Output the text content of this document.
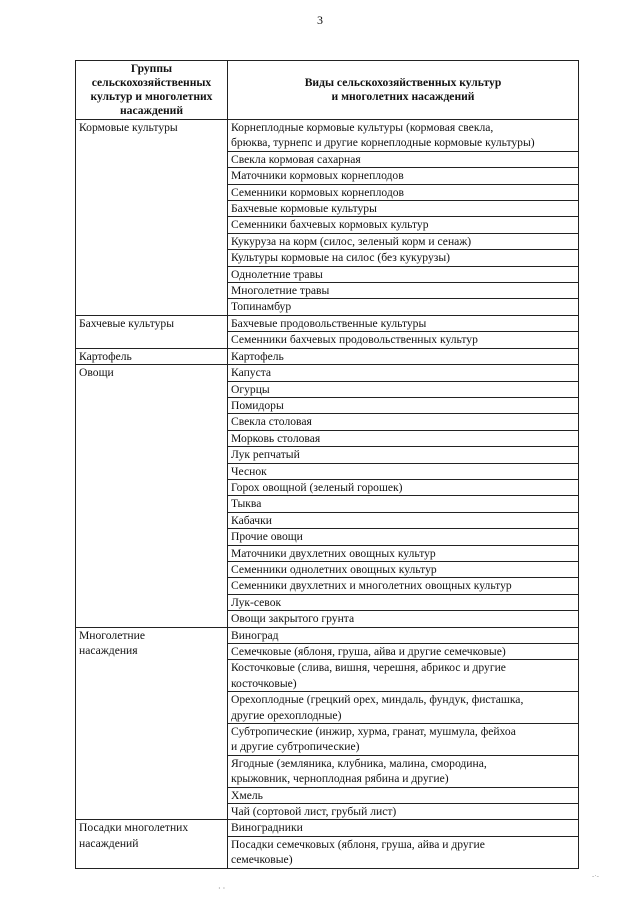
3
Группы
сельскохозяйственных
культур и многолетних
насаждений	Виды сельскохозяйственных культур
и многолетних насаждений

Кормовые культуры	Корнеплодные кормовые культуры (кормовая свекла,
брюква, турнепс и другие корнеплодные кормовые культуры)

	Свекла кормовая сахарная

	Маточники кормовых корнеплодов

	Семенники кормовых корнеплодов

	Бахчевые кормовые культуры

	Семенники бахчевых кормовых культур

	Кукуруза на корм (силос, зеленый корм и сенаж)

	Культуры кормовые на силос (без кукурузы)

	Однолетние травы

	Многолетние травы

	Топинамбур

Бахчевые культуры	Бахчевые продовольственные культуры

	Семенники бахчевых продовольственных культур

Картофель	Картофель

Овощи	Капуста

	Огурцы

	Помидоры

	Свекла столовая

	Морковь столовая

	Лук репчатый

	Чеснок

	Горох овощной (зеленый горошек)

	Тыква

	Кабачки

	Прочие овощи

	Маточники двухлетних овощных культур

	Семенники однолетних овощных культур

	Семенники двухлетних и многолетних овощных культур

	Лук-севок

	Овощи закрытого грунта

Многолетние
насаждения	Виноград

	Семечковые (яблоня, груша, айва и другие семечковые)

	Косточковые (слива, вишня, черешня, абрикос и другие
косточковые)

	Орехоплодные (грецкий орех, миндаль, фундук, фисташка,
другие орехоплодные)

	Субтропические (инжир, хурма, гранат, мушмула, фейхоа
и другие субтропические)

	Ягодные (земляника, клубника, малина, смородина,
крыжовник, черноплодная рябина и другие)

	Хмель

	Чай (сортовой лист, грубый лист)

Посадки многолетних
насаждений	Виноградники

	Посадки семечковых (яблоня, груша, айва и другие
семечковые)
· ·
-·-
